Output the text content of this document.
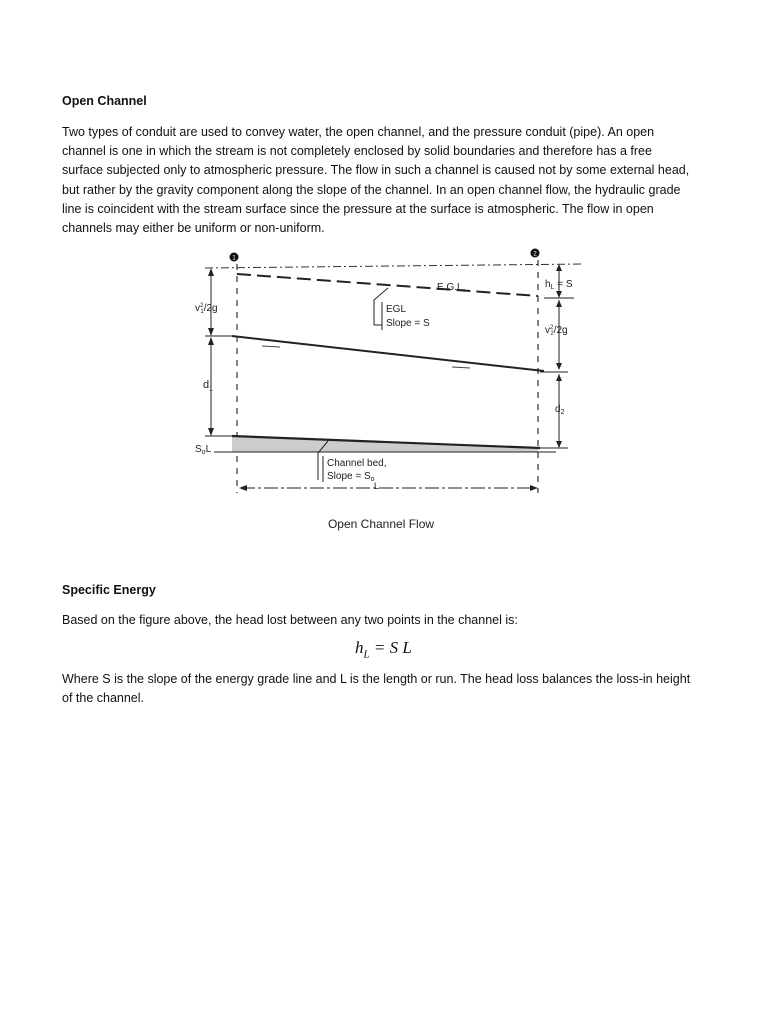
Open Channel
Two types of conduit are used to convey water, the open channel, and the pressure conduit (pipe). An open
channel is one in which the stream is not completely enclosed by solid boundaries and therefore has a free
surface subjected only to atmospheric pressure. The flow in such a channel is caused not by some external head,
but rather by the gravity component along the slope of the channel. In an open channel flow, the hydraulic grade
line is coincident with the stream surface since the pressure at the surface is atmospheric. The flow in open
channels may either be uniform or non-uniform.
1
2
E.G.L.
EGL
Slope = S
$v^2$ 1/2g
$d_1$
$S_oL$
$h_L = S$
$v^2$ 2/2g
$d_2$
Channel bed,
Slope = $S_o$
L
Open Channel Flow
Specific Energy
Based on the figure above, the head lost between any two points in the channel is:
$h_L = S$ L
Where S is the slope of the energy grade line and L is the length or run. The head loss balances the loss-in height
of the channel.
